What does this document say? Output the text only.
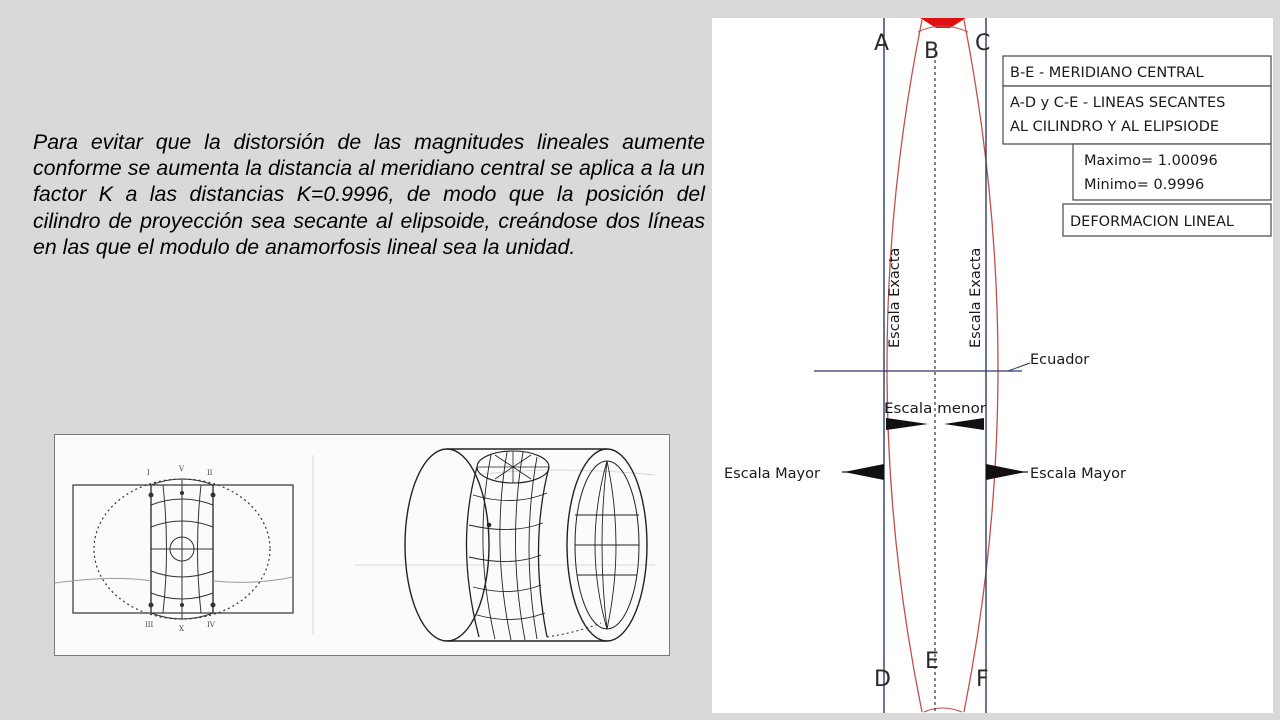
Para evitar que la distorsión de las magnitudes lineales aumente conforme se aumenta la distancia al meridiano central se aplica a la un factor K a las distancias K=0.9996, de modo que la posición del cilindro de proyección sea secante al elipsoide, creándose dos líneas en las que el modulo de anamorfosis lineal sea la unidad.

I	V	II
III	X	IV
A B C
D
E
F
B-E - MERIDIANO CENTRAL
A-D y C-E - LINEAS SECANTES
AL CILINDRO Y AL ELIPSIODE
Maximo= 1.00096
Minimo= 0.9996
DEFORMACION LINEAL
Escala Exacta	Escala Exacta
Ecuador
Escala menor
Escala Mayor	Escala Mayor
